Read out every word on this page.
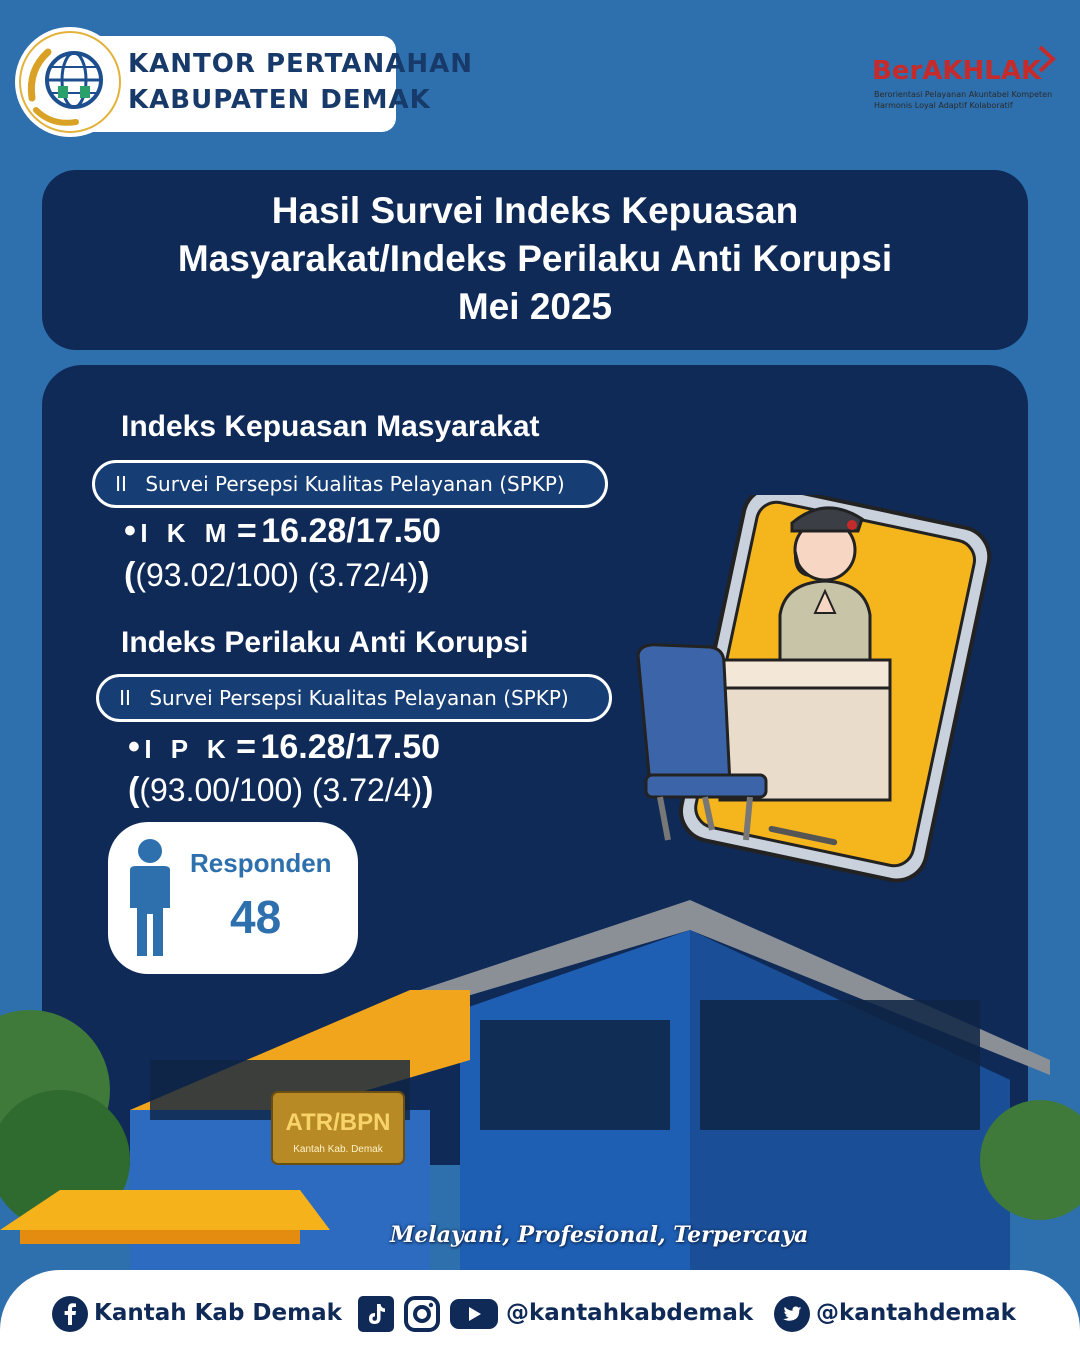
KANTOR PERTANAHAN
KABUPATEN DEMAK
BerAKHLAK
Berorientasi Pelayanan Akuntabel Kompeten
Harmonis Loyal Adaptif Kolaboratif
Hasil Survei Indeks Kepuasan
Masyarakat/Indeks Perilaku Anti Korupsi
Mei 2025
Indeks Kepuasan Masyarakat
II Survei Persepsi Kualitas Pelayanan (SPKP)
• I K M = 16.28/17.50
((93.02/100) (3.72/4))
Indeks Perilaku Anti Korupsi
II Survei Persepsi Kualitas Pelayanan (SPKP)
• I P K = 16.28/17.50
((93.00/100) (3.72/4))
Responden
48
ATR/BPN
Kantah Kab. Demak
Melayani, Profesional, Terpercaya
Kantah Kab Demak	@kantahkabdemak	@kantahdemak
